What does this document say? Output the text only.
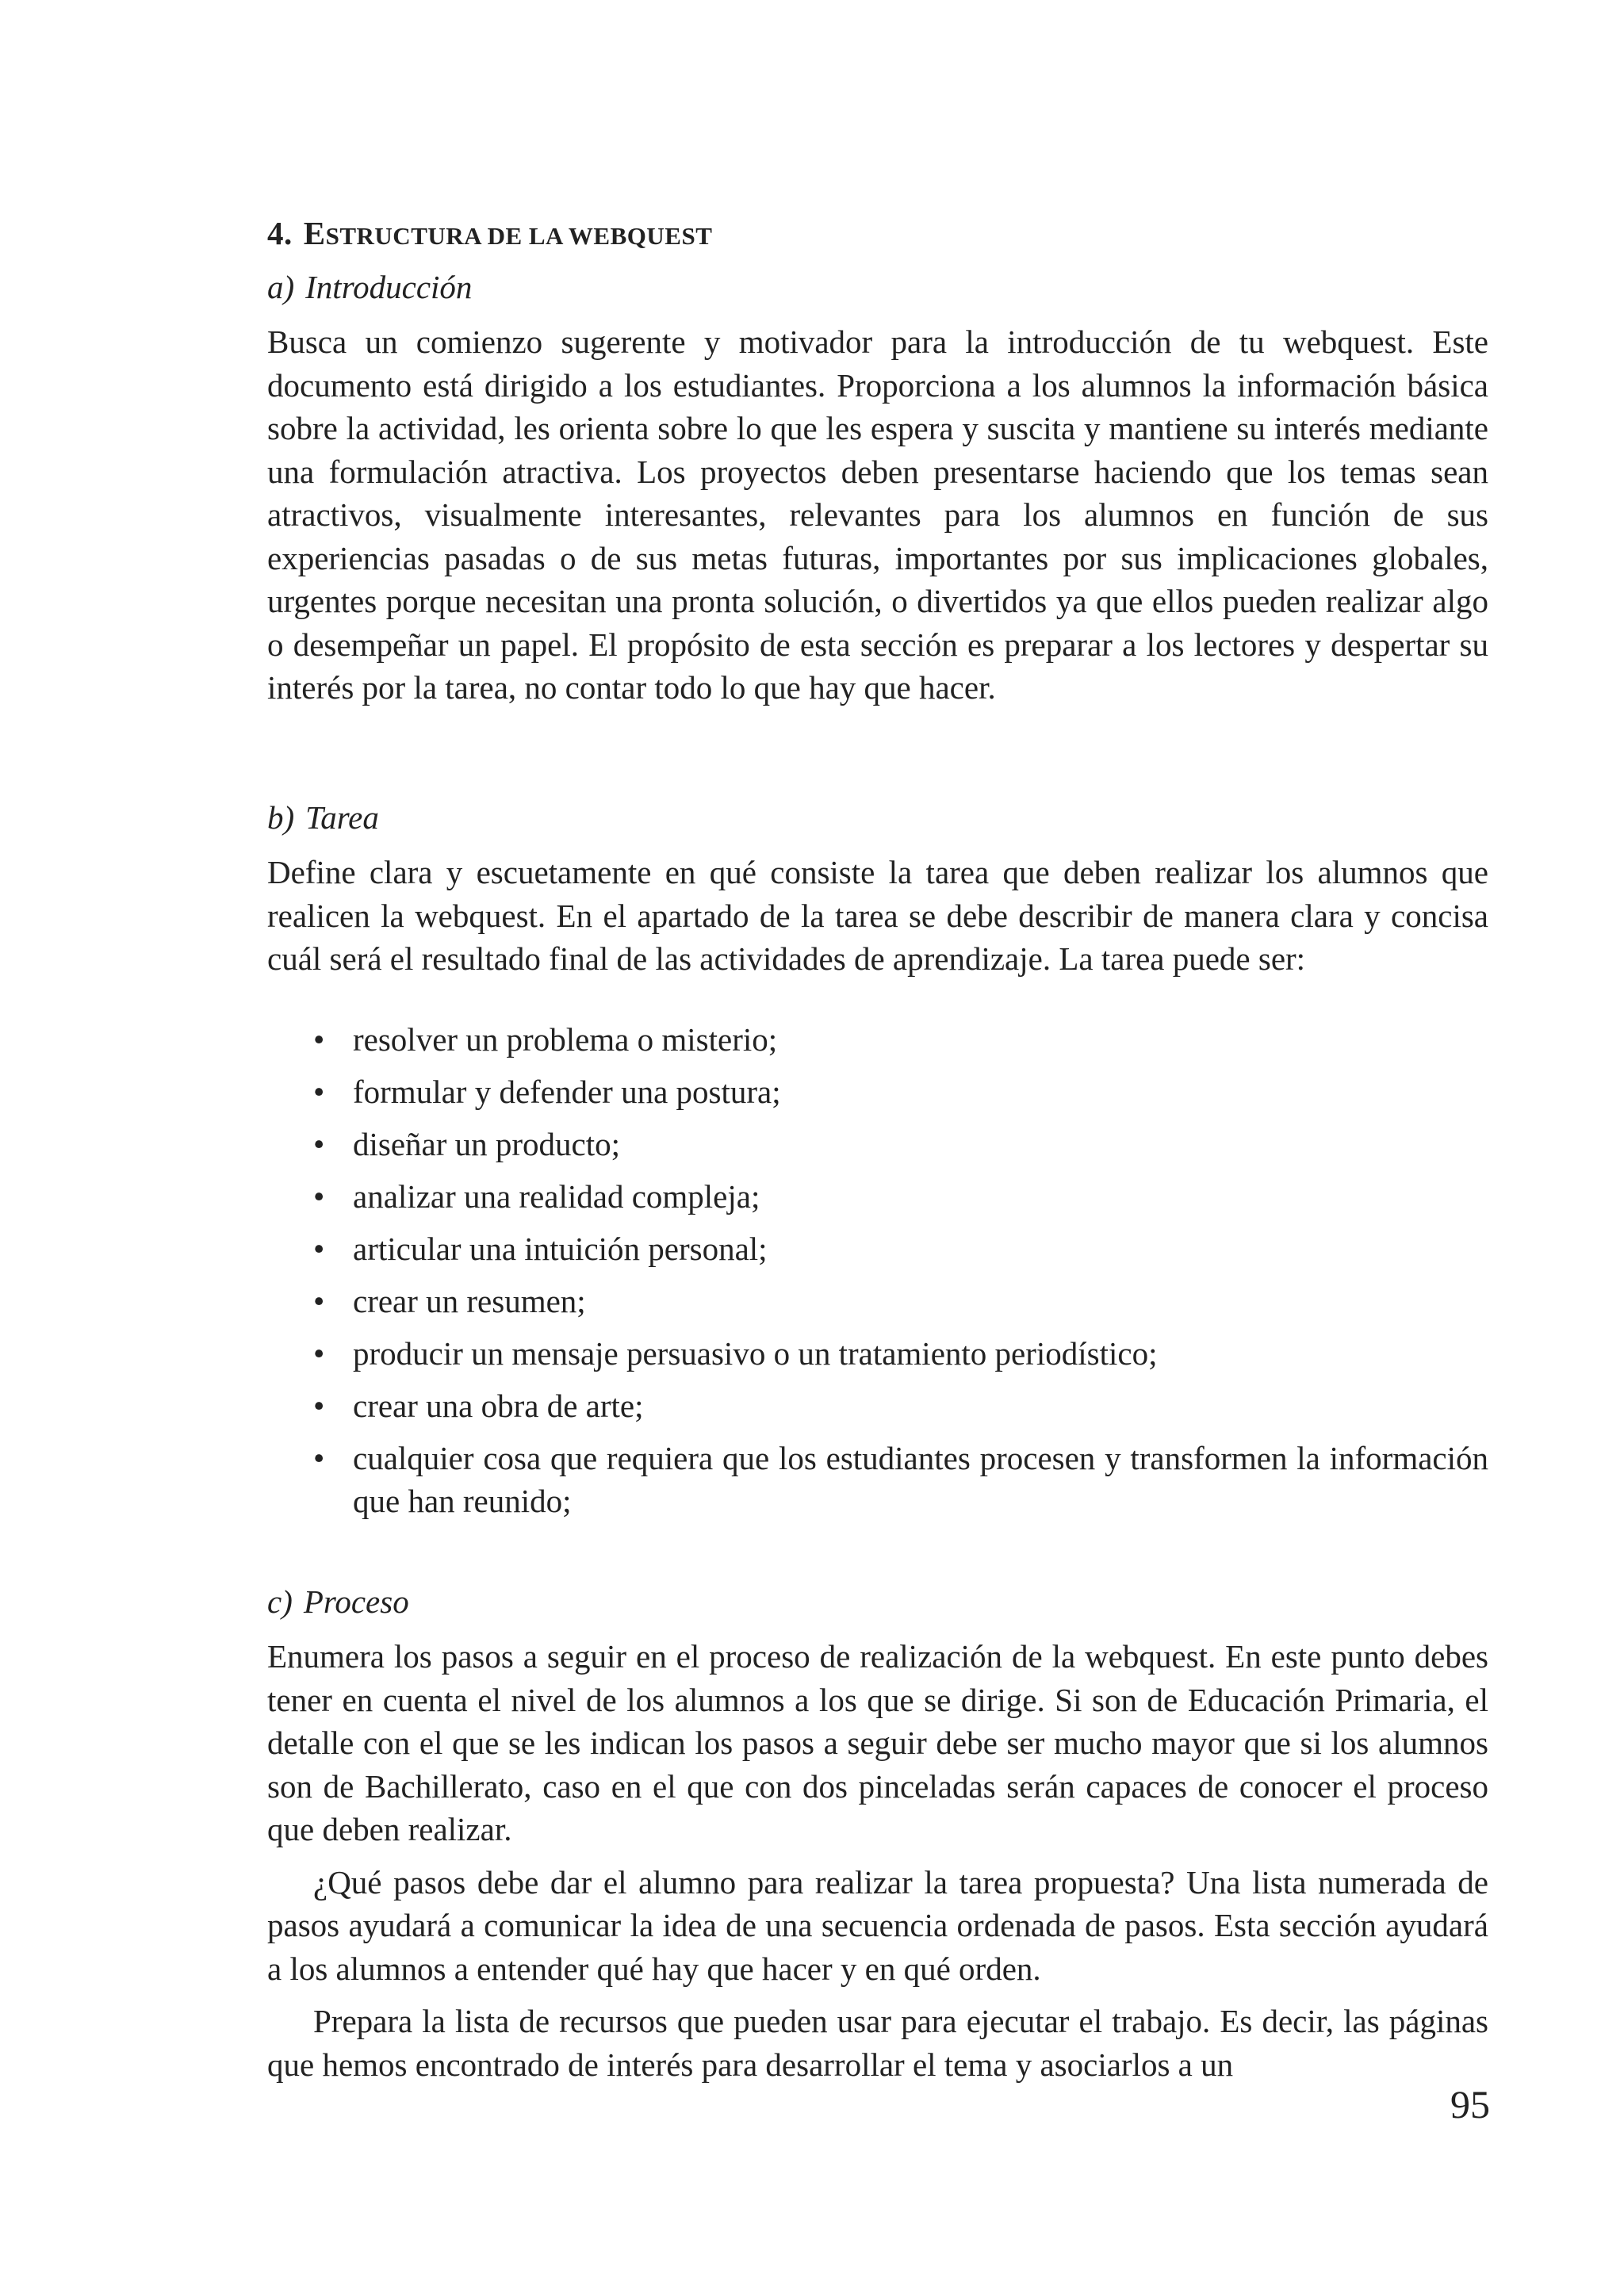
4. ESTRUCTURA DE LA WEBQUEST
a) Introducción

Busca un comienzo sugerente y motivador para la introducción de tu webquest. Este documento está dirigido a los estudiantes. Proporciona a los alumnos la información básica sobre la actividad, les orienta sobre lo que les espera y suscita y mantiene su interés mediante una formulación atractiva. Los proyectos deben presentarse haciendo que los temas sean atractivos, visualmente interesantes, relevantes para los alumnos en función de sus experiencias pasadas o de sus metas futuras, importantes por sus implicaciones globales, urgentes porque necesitan una pronta solución, o divertidos ya que ellos pueden realizar algo o desempeñar un papel. El propósito de esta sección es preparar a los lectores y despertar su interés por la tarea, no contar todo lo que hay que hacer.

b) Tarea

Define clara y escuetamente en qué consiste la tarea que deben realizar los alumnos que realicen la webquest. En el apartado de la tarea se debe describir de manera clara y concisa cuál será el resultado final de las actividades de aprendizaje. La tarea puede ser:

• resolver un problema o misterio;
• formular y defender una postura;
• diseñar un producto;
• analizar una realidad compleja;
• articular una intuición personal;
• crear un resumen;
• producir un mensaje persuasivo o un tratamiento periodístico;
• crear una obra de arte;
• cualquier cosa que requiera que los estudiantes procesen y transformen la información que han reunido;
c) Proceso

Enumera los pasos a seguir en el proceso de realización de la webquest. En este punto debes tener en cuenta el nivel de los alumnos a los que se dirige. Si son de Educación Primaria, el detalle con el que se les indican los pasos a seguir debe ser mucho mayor que si los alumnos son de Bachillerato, caso en el que con dos pinceladas serán capaces de conocer el proceso que deben realizar.

¿Qué pasos debe dar el alumno para realizar la tarea propuesta? Una lista numerada de pasos ayudará a comunicar la idea de una secuencia ordenada de pasos. Esta sección ayudará a los alumnos a entender qué hay que hacer y en qué orden.

Prepara la lista de recursos que pueden usar para ejecutar el trabajo. Es decir, las páginas que hemos encontrado de interés para desarrollar el tema y asociarlos a un

95
